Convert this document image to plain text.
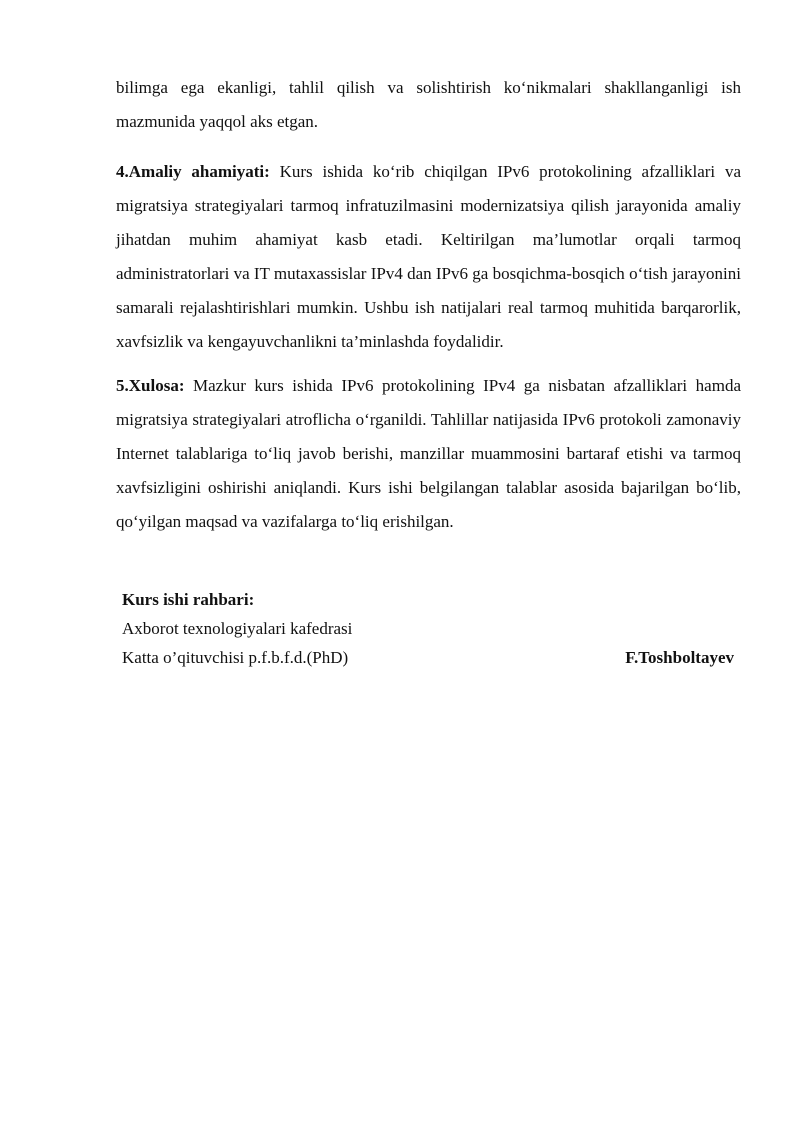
bilimga ega ekanligi, tahlil qilish va solishtirish ko‘nikmalari shakllanganligi ish mazmunida yaqqol aks etgan.

4.Amaliy ahamiyati: Kurs ishida ko‘rib chiqilgan IPv6 protokolining afzalliklari va migratsiya strategiyalari tarmoq infratuzilmasini modernizatsiya qilish jarayonida amaliy jihatdan muhim ahamiyat kasb etadi. Keltirilgan ma’lumotlar orqali tarmoq administratorlari va IT mutaxassislar IPv4 dan IPv6 ga bosqichma-bosqich o‘tish jarayonini samarali rejalashtirishlari mumkin. Ushbu ish natijalari real tarmoq muhitida barqarorlik, xavfsizlik va kengayuvchanlikni ta’minlashda foydalidir.

5.Xulosa: Mazkur kurs ishida IPv6 protokolining IPv4 ga nisbatan afzalliklari hamda migratsiya strategiyalari atroflicha o‘rganildi. Tahlillar natijasida IPv6 protokoli zamonaviy Internet talablariga to‘liq javob berishi, manzillar muammosini bartaraf etishi va tarmoq xavfsizligini oshirishi aniqlandi. Kurs ishi belgilangan talablar asosida bajarilgan bo‘lib, qo‘yilgan maqsad va vazifalarga to‘liq erishilgan.

Kurs ishi rahbari:
Axborot texnologiyalari kafedrasi
Katta o’qituvchisi p.f.b.f.d.(PhD)	F.Toshboltayev
